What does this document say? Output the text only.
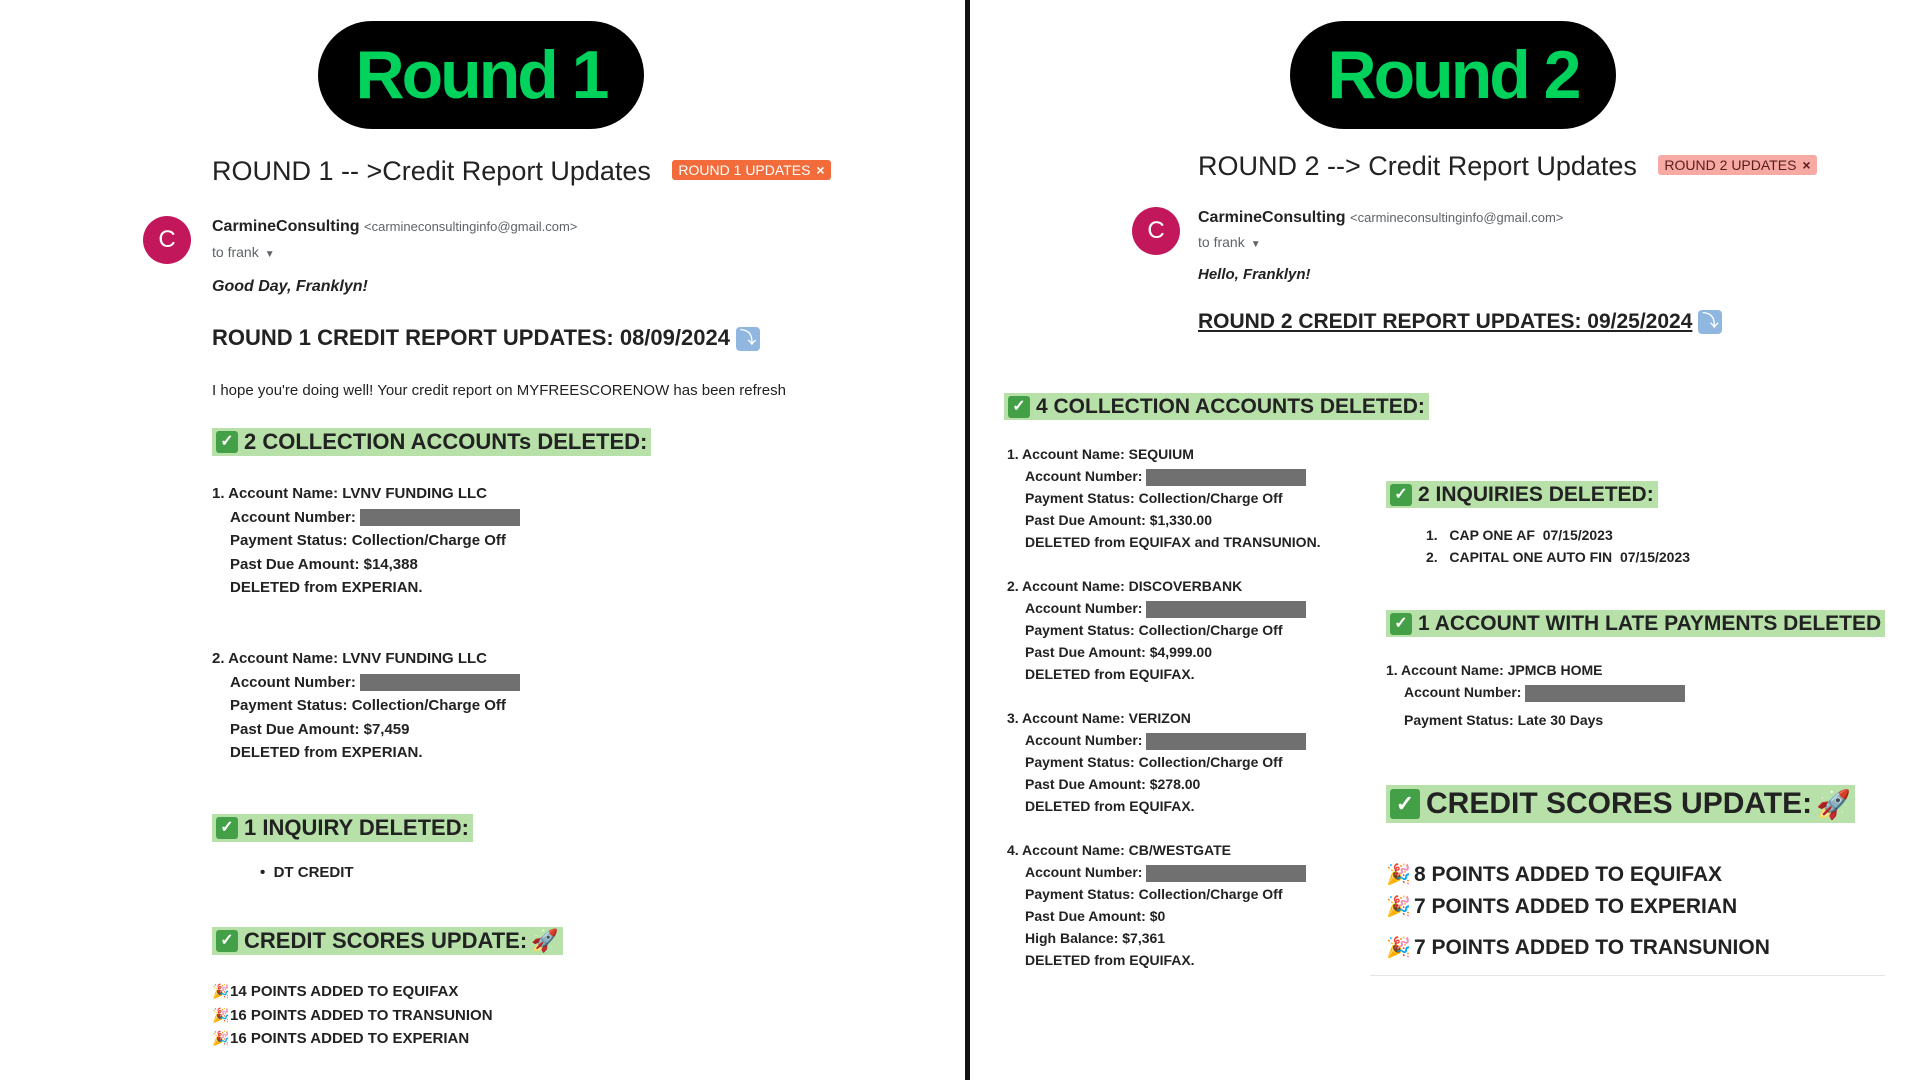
Round 1
ROUND 1 -- >Credit Report Updates ROUND 1 UPDATES ×
C CarmineConsulting <carmineconsultinginfo@gmail.com>
to frank ▼
Good Day, Franklyn!
ROUND 1 CREDIT REPORT UPDATES: 08/09/2024 ⤵
I hope you're doing well! Your credit report on MYFREESCORENOW has been refresh
✓ 2 COLLECTION ACCOUNTs DELETED:
1. Account Name: LVNV FUNDING LLC
Account Number:
Payment Status: Collection/Charge Off
Past Due Amount: $14,388
DELETED from EXPERIAN.
2. Account Name: LVNV FUNDING LLC
Account Number:
Payment Status: Collection/Charge Off
Past Due Amount: $7,459
DELETED from EXPERIAN.
✓ 1 INQUIRY DELETED:
•  DT CREDIT
✓ CREDIT SCORES UPDATE: 🚀
🎉14 POINTS ADDED TO EQUIFAX
🎉16 POINTS ADDED TO TRANSUNION
🎉16 POINTS ADDED TO EXPERIAN
Round 2
ROUND 2 --> Credit Report Updates ROUND 2 UPDATES ×
C CarmineConsulting <carmineconsultinginfo@gmail.com>
to frank ▼
Hello, Franklyn!
ROUND 2 CREDIT REPORT UPDATES: 09/25/2024 ⤵
✓ 4 COLLECTION ACCOUNTS DELETED:
1. Account Name: SEQUIUM
Account Number:
Payment Status: Collection/Charge Off
Past Due Amount: $1,330.00
DELETED from EQUIFAX and TRANSUNION.
2. Account Name: DISCOVERBANK
Account Number:
Payment Status: Collection/Charge Off
Past Due Amount: $4,999.00
DELETED from EQUIFAX.
3. Account Name: VERIZON
Account Number:
Payment Status: Collection/Charge Off
Past Due Amount: $278.00
DELETED from EQUIFAX.
4. Account Name: CB/WESTGATE
Account Number:
Payment Status: Collection/Charge Off
Past Due Amount: $0
High Balance: $7,361
DELETED from EQUIFAX.
✓ 2 INQUIRIES DELETED:
1.   CAP ONE AF  07/15/2023
2.   CAPITAL ONE AUTO FIN  07/15/2023
✓ 1 ACCOUNT WITH LATE PAYMENTS DELETED
1. Account Name: JPMCB HOME
Account Number:
Payment Status: Late 30 Days
✓ CREDIT SCORES UPDATE: 🚀
🎉 8 POINTS ADDED TO EQUIFAX
🎉 7 POINTS ADDED TO EXPERIAN
🎉 7 POINTS ADDED TO TRANSUNION
